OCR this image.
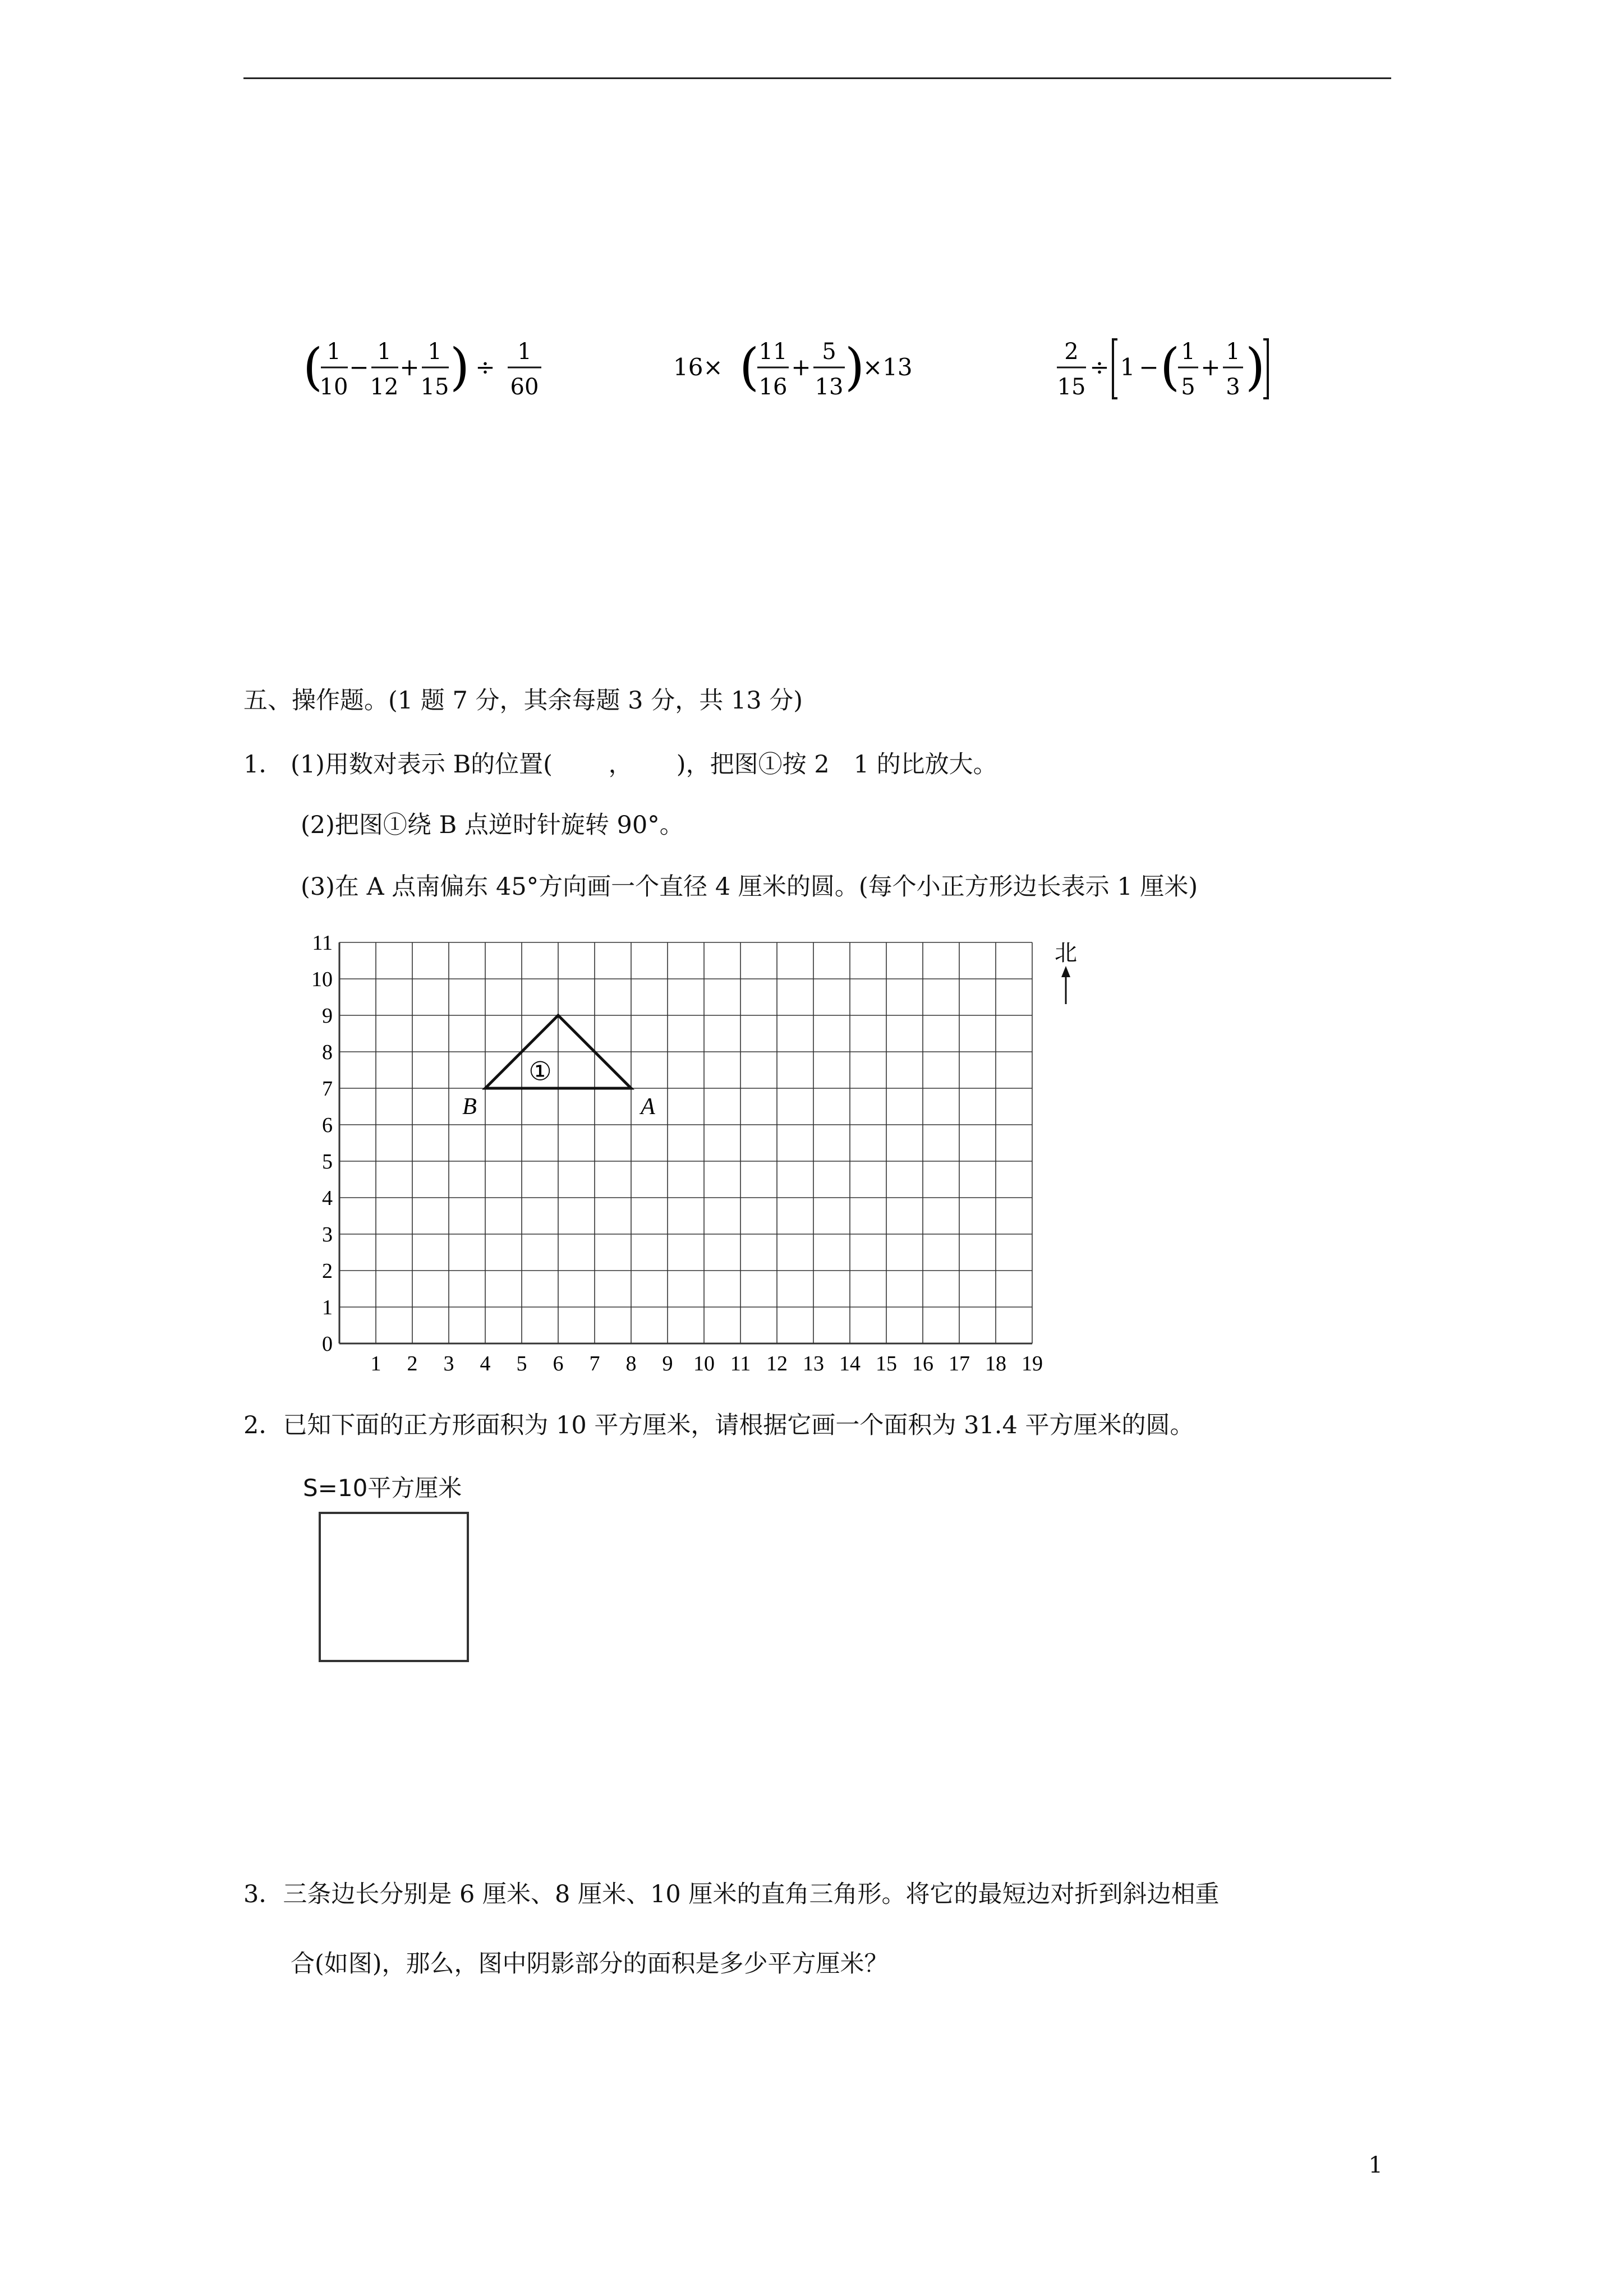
( 1
10
−
1
12
+
1
15 ) ÷
1
60
16× ( 11
16
+
5
13 )
×13
2
15
÷ 1 − ( 1
5
+
1
3 )
五、操作题。(1 题 7 分，其余每题 3 分，共 13 分)
1． (1)用数对表示 B的位置(　　 ，　　 )，把图①按 2　1 的比放大。
(2)把图①绕 B 点逆时针旋转 90°。
(3)在 A 点南偏东 45°方向画一个直径 4 厘米的圆。(每个小正方形边长表示 1 厘米)
1 2 3 4 5 6 7 8 9 10 11 12 13 14 15 16 17 18 19
0
1
2
3
4
5
6
7
8
9
10
11	北
①
B	A
2．已知下面的正方形面积为 10 平方厘米，请根据它画一个面积为 31.4 平方厘米的圆。
S=10平方厘米
3．三条边长分别是 6 厘米、8 厘米、10 厘米的直角三角形。将它的最短边对折到斜边相重
合(如图)，那么，图中阴影部分的面积是多少平方厘米？
1
